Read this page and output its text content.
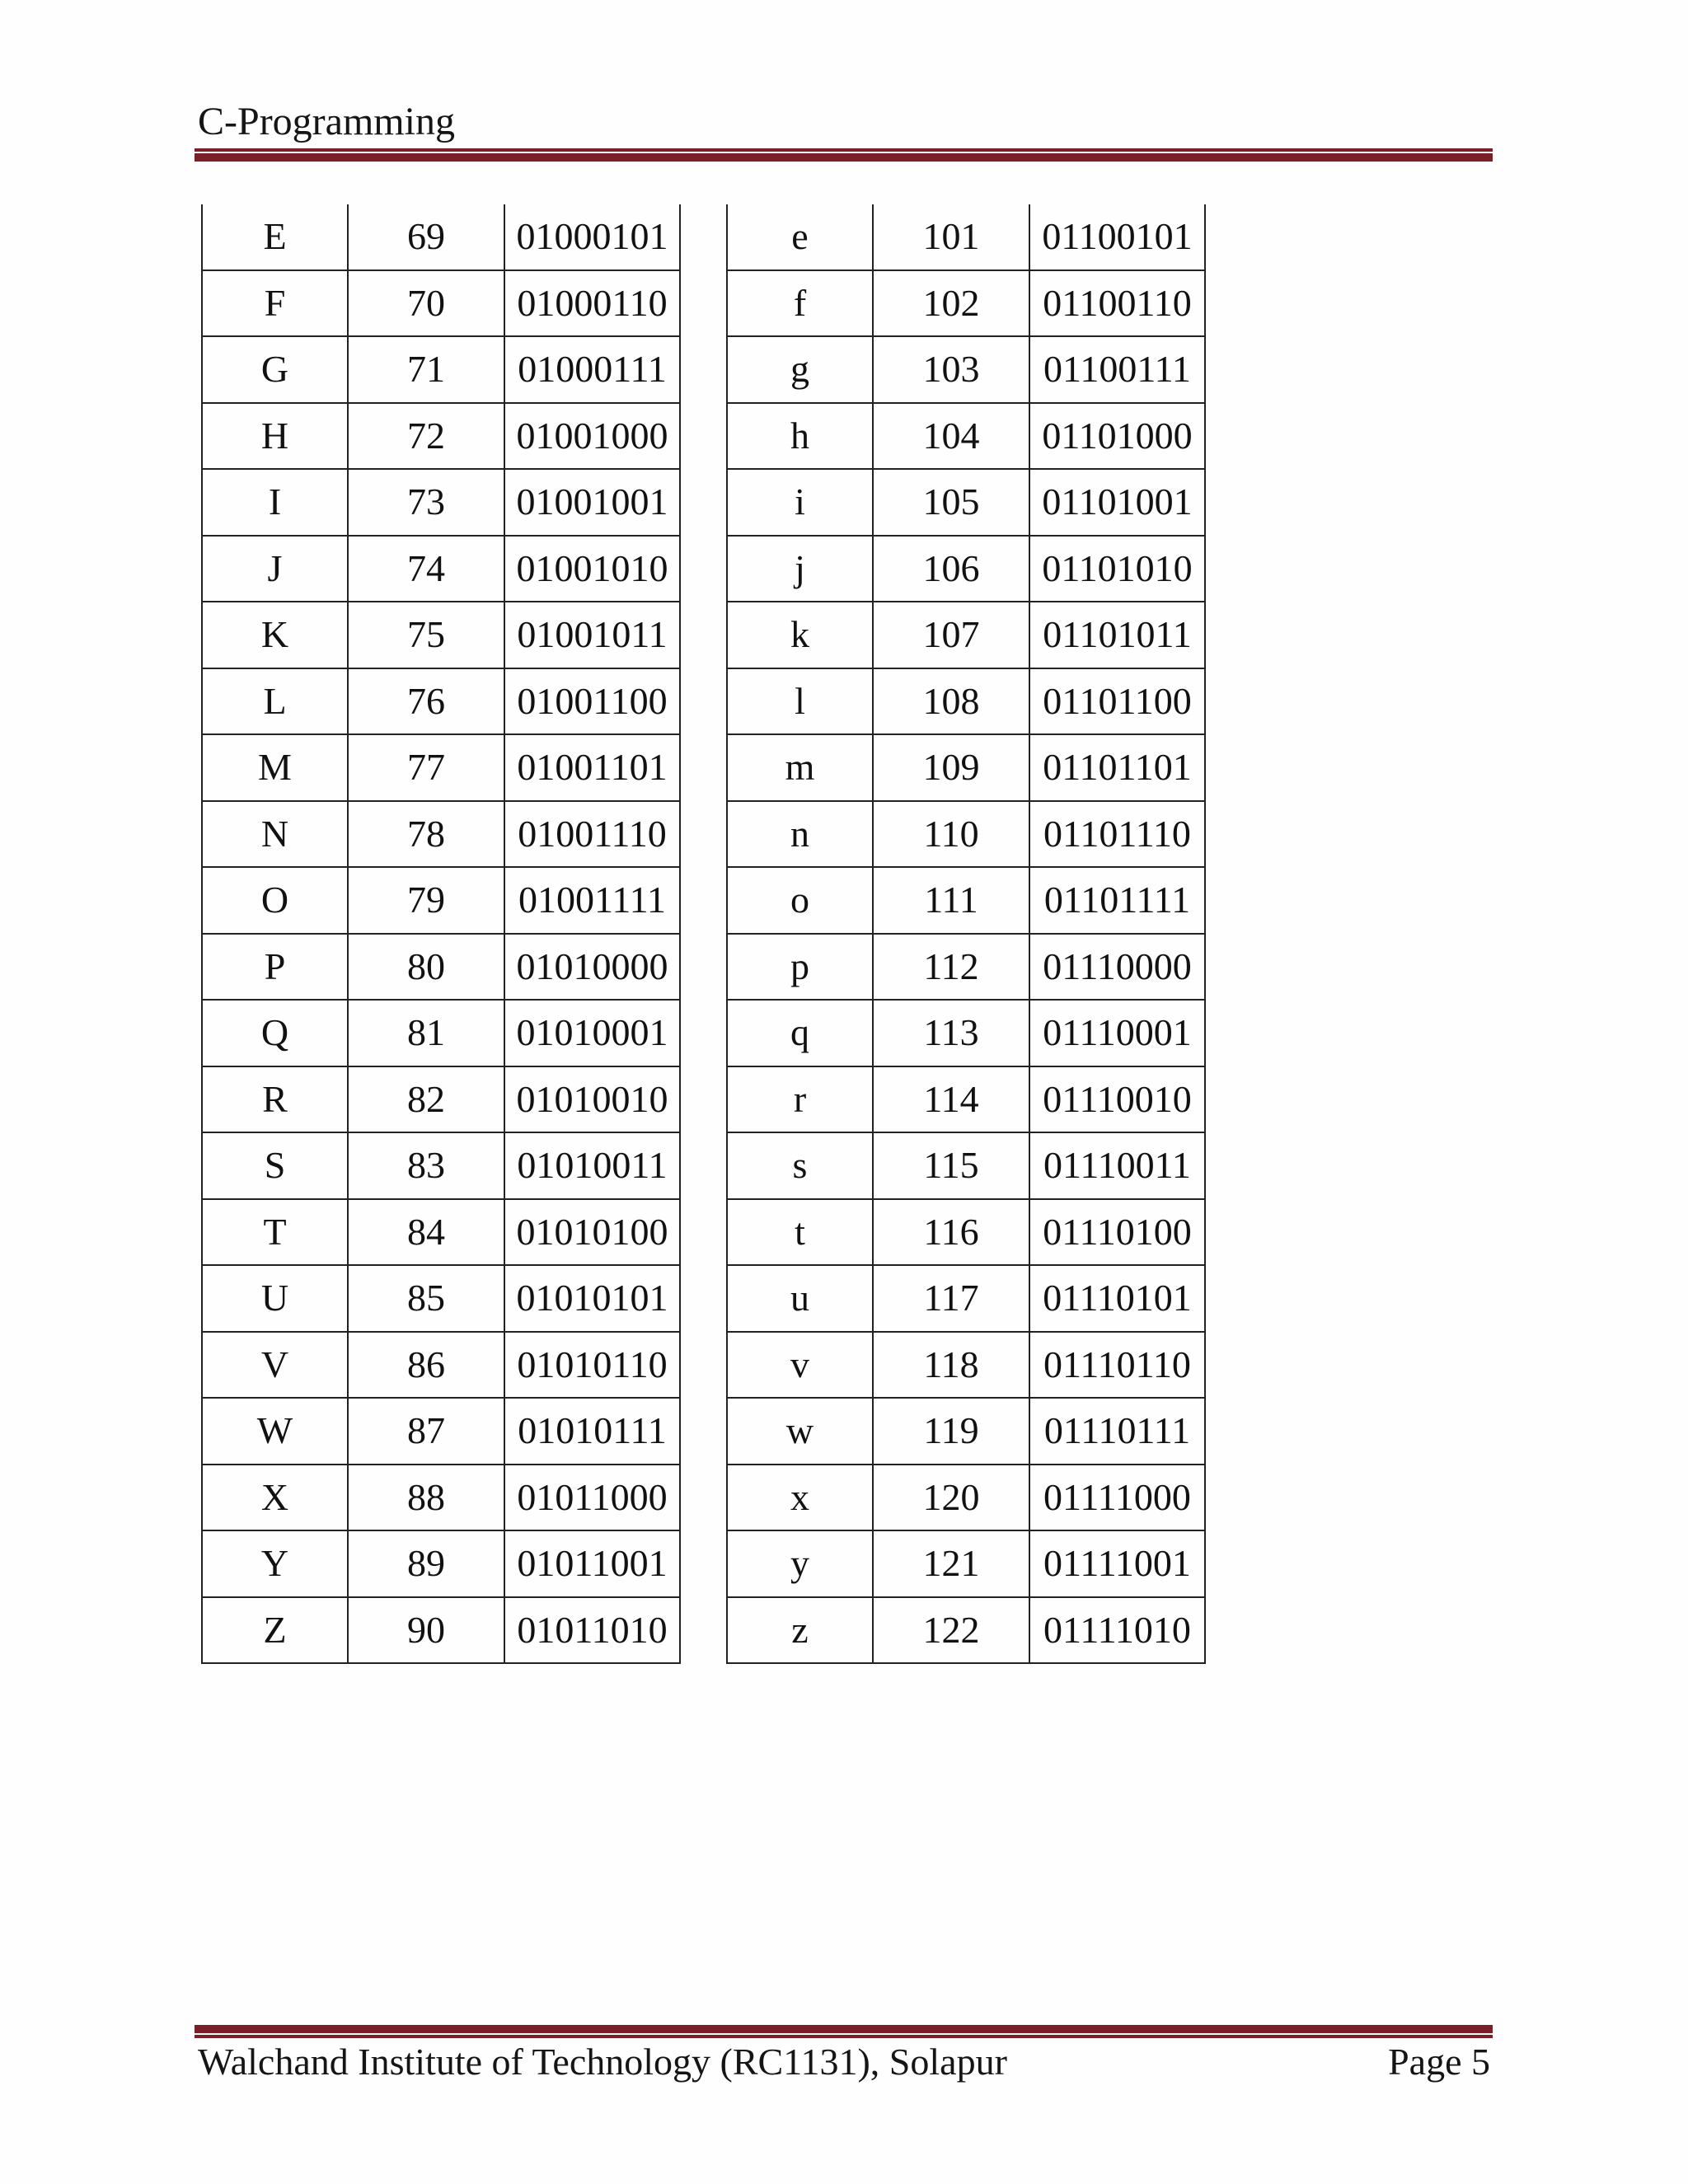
C-Programming
E	69	01000101
F	70	01000110
G	71	01000111
H	72	01001000
I	73	01001001
J	74	01001010
K	75	01001011
L	76	01001100
M	77	01001101
N	78	01001110
O	79	01001111
P	80	01010000
Q	81	01010001
R	82	01010010
S	83	01010011
T	84	01010100
U	85	01010101
V	86	01010110
W	87	01010111
X	88	01011000
Y	89	01011001
Z	90	01011010
e	101	01100101
f	102	01100110
g	103	01100111
h	104	01101000
i	105	01101001
j	106	01101010
k	107	01101011
l	108	01101100
m	109	01101101
n	110	01101110
o	111	01101111
p	112	01110000
q	113	01110001
r	114	01110010
s	115	01110011
t	116	01110100
u	117	01110101
v	118	01110110
w	119	01110111
x	120	01111000
y	121	01111001
z	122	01111010
Walchand Institute of Technology (RC1131), Solapur	Page 5
